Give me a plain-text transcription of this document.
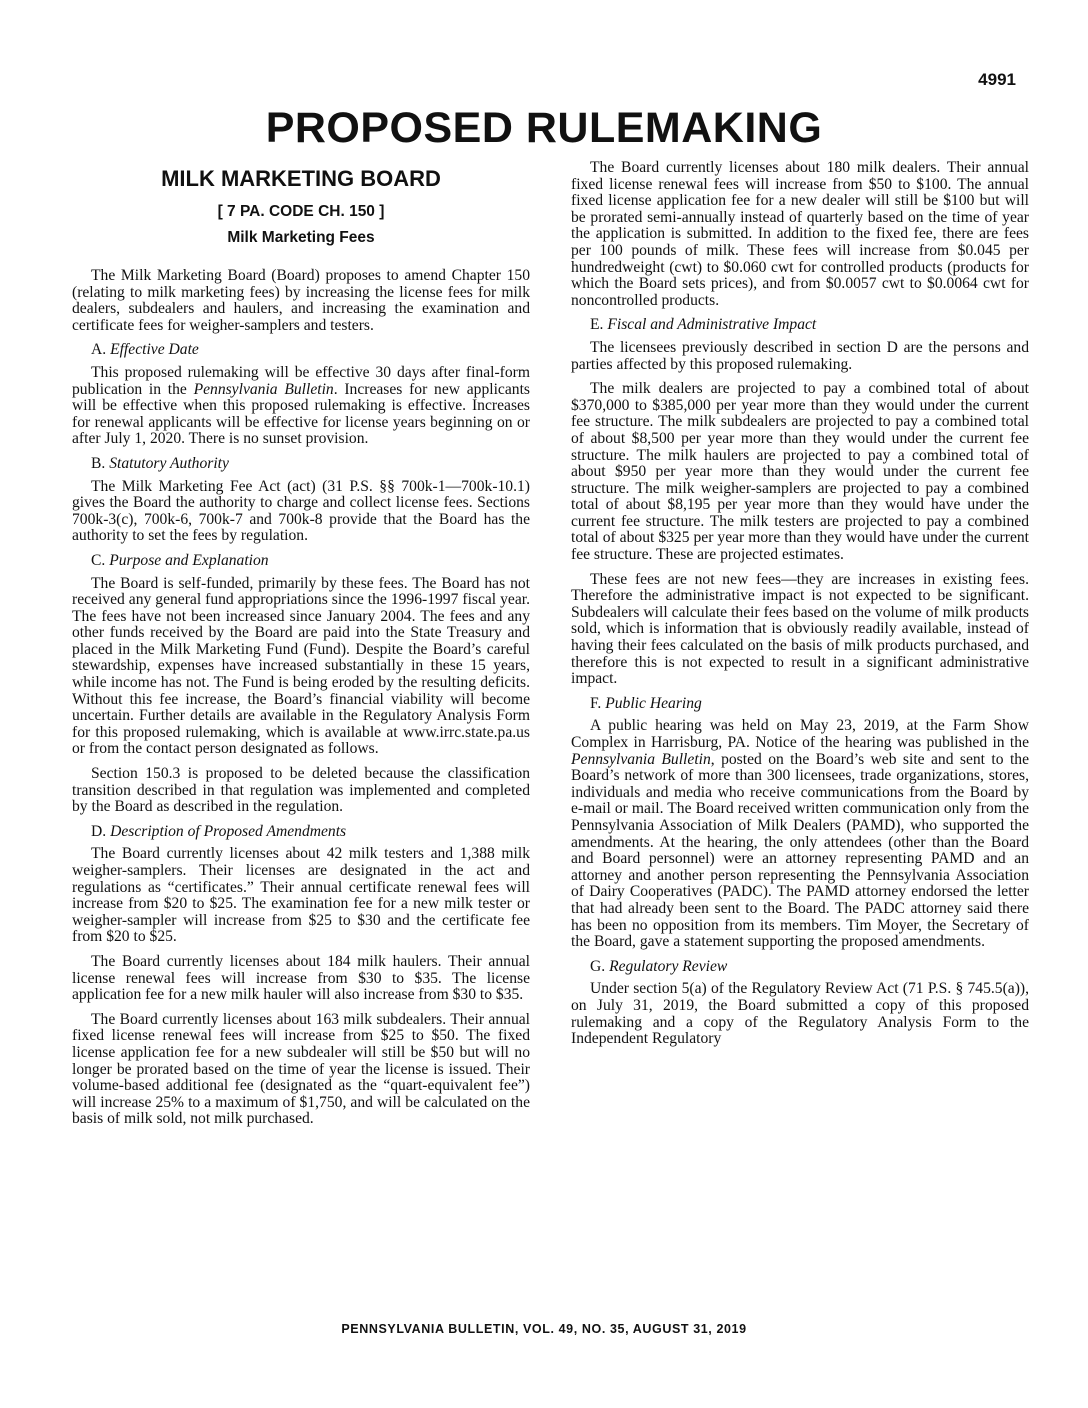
4991
PROPOSED RULEMAKING
MILK MARKETING BOARD
[ 7 PA. CODE CH. 150 ]
Milk Marketing Fees

The Milk Marketing Board (Board) proposes to amend Chapter 150 (relating to milk marketing fees) by increasing the license fees for milk dealers, subdealers and haulers, and increasing the examination and certificate fees for weigher-samplers and testers.

A. Effective Date

This proposed rulemaking will be effective 30 days after final-form publication in the Pennsylvania Bulletin. Increases for new applicants will be effective when this proposed rulemaking is effective. Increases for renewal applicants will be effective for license years beginning on or after July 1, 2020. There is no sunset provision.

B. Statutory Authority

The Milk Marketing Fee Act (act) (31 P.S. §§ 700k-1—700k-10.1) gives the Board the authority to charge and collect license fees. Sections 700k-3(c), 700k-6, 700k-7 and 700k-8 provide that the Board has the authority to set the fees by regulation.

C. Purpose and Explanation

The Board is self-funded, primarily by these fees. The Board has not received any general fund appropriations since the 1996-1997 fiscal year. The fees have not been increased since January 2004. The fees and any other funds received by the Board are paid into the State Treasury and placed in the Milk Marketing Fund (Fund). Despite the Board’s careful stewardship, expenses have increased substantially in these 15 years, while income has not. The Fund is being eroded by the resulting deficits. Without this fee increase, the Board’s financial viability will become uncertain. Further details are available in the Regulatory Analysis Form for this proposed rulemaking, which is available at www.irrc.state.pa.us or from the contact person designated as follows.

Section 150.3 is proposed to be deleted because the classification transition described in that regulation was implemented and completed by the Board as described in the regulation.

D. Description of Proposed Amendments

The Board currently licenses about 42 milk testers and 1,388 milk weigher-samplers. Their licenses are designated in the act and regulations as “certificates.” Their annual certificate renewal fees will increase from $20 to $25. The examination fee for a new milk tester or weigher-sampler will increase from $25 to $30 and the certificate fee from $20 to $25.

The Board currently licenses about 184 milk haulers. Their annual license renewal fees will increase from $30 to $35. The license application fee for a new milk hauler will also increase from $30 to $35.

The Board currently licenses about 163 milk subdealers. Their annual fixed license renewal fees will increase from $25 to $50. The fixed license application fee for a new subdealer will still be $50 but will no longer be prorated based on the time of year the license is issued. Their volume-based additional fee (designated as the “quart-equivalent fee”) will increase 25% to a maximum of $1,750, and will be calculated on the basis of milk sold, not milk purchased.

The Board currently licenses about 180 milk dealers. Their annual fixed license renewal fees will increase from $50 to $100. The annual fixed license application fee for a new dealer will still be $100 but will be prorated semi-annually instead of quarterly based on the time of year the application is submitted. In addition to the fixed fee, there are fees per 100 pounds of milk. These fees will increase from $0.045 per hundredweight (cwt) to $0.060 cwt for controlled products (products for which the Board sets prices), and from $0.0057 cwt to $0.0064 cwt for noncontrolled products.

E. Fiscal and Administrative Impact

The licensees previously described in section D are the persons and parties affected by this proposed rulemaking.

The milk dealers are projected to pay a combined total of about $370,000 to $385,000 per year more than they would under the current fee structure. The milk subdealers are projected to pay a combined total of about $8,500 per year more than they would under the current fee structure. The milk haulers are projected to pay a combined total of about $950 per year more than they would under the current fee structure. The milk weigher-samplers are projected to pay a combined total of about $8,195 per year more than they would have under the current fee structure. The milk testers are projected to pay a combined total of about $325 per year more than they would have under the current fee structure. These are projected estimates.

These fees are not new fees—they are increases in existing fees. Therefore the administrative impact is not expected to be significant. Subdealers will calculate their fees based on the volume of milk products sold, which is information that is obviously readily available, instead of having their fees calculated on the basis of milk products purchased, and therefore this is not expected to result in a significant administrative impact.

F. Public Hearing

A public hearing was held on May 23, 2019, at the Farm Show Complex in Harrisburg, PA. Notice of the hearing was published in the Pennsylvania Bulletin, posted on the Board’s web site and sent to the Board’s network of more than 300 licensees, trade organizations, stores, individuals and media who receive communications from the Board by e-mail or mail. The Board received written communication only from the Pennsylvania Association of Milk Dealers (PAMD), who supported the amendments. At the hearing, the only attendees (other than the Board and Board personnel) were an attorney representing PAMD and an attorney and another person representing the Pennsylvania Association of Dairy Cooperatives (PADC). The PAMD attorney endorsed the letter that had already been sent to the Board. The PADC attorney said there has been no opposition from its members. Tim Moyer, the Secretary of the Board, gave a statement supporting the proposed amendments.

G. Regulatory Review

Under section 5(a) of the Regulatory Review Act (71 P.S. § 745.5(a)), on July 31, 2019, the Board submitted a copy of this proposed rulemaking and a copy of the Regulatory Analysis Form to the Independent Regulatory

PENNSYLVANIA BULLETIN, VOL. 49, NO. 35, AUGUST 31, 2019
